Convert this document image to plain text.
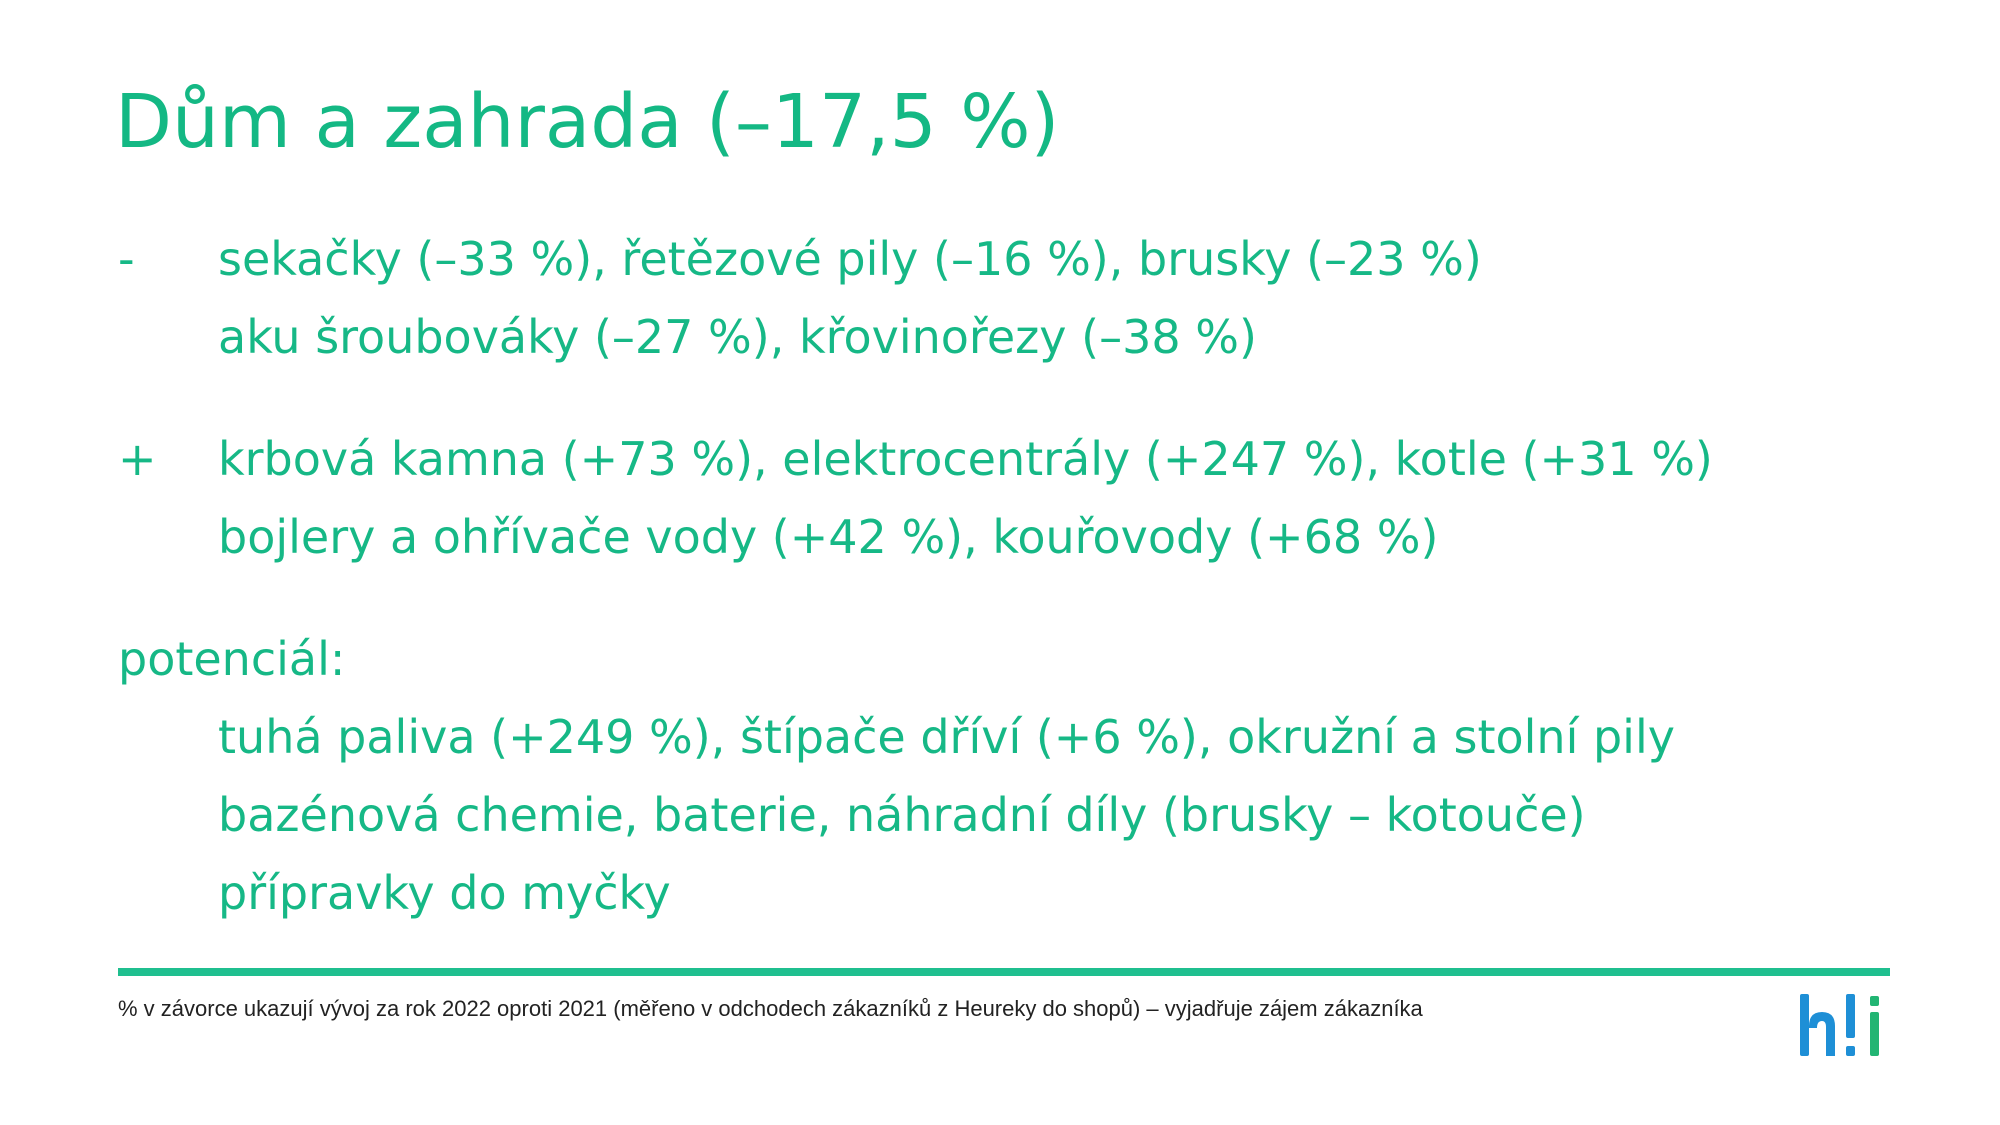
Dům a zahrada (–17,5 %)
- sekačky (–33 %), řetězové pily (–16 %), brusky (–23 %)
aku šroubováky (–27 %), křovinořezy (–38 %)
+ krbová kamna (+73 %), elektrocentrály (+247 %), kotle (+31 %)
bojlery a ohřívače vody (+42 %), kouřovody (+68 %)
potenciál:
tuhá paliva (+249 %), štípače dříví (+6 %), okružní a stolní pily
bazénová chemie, baterie, náhradní díly (brusky – kotouče)
přípravky do myčky
% v závorce ukazují vývoj za rok 2022 oproti 2021 (měřeno v odchodech zákazníků z Heureky do shopů) – vyjadřuje zájem zákazníka
